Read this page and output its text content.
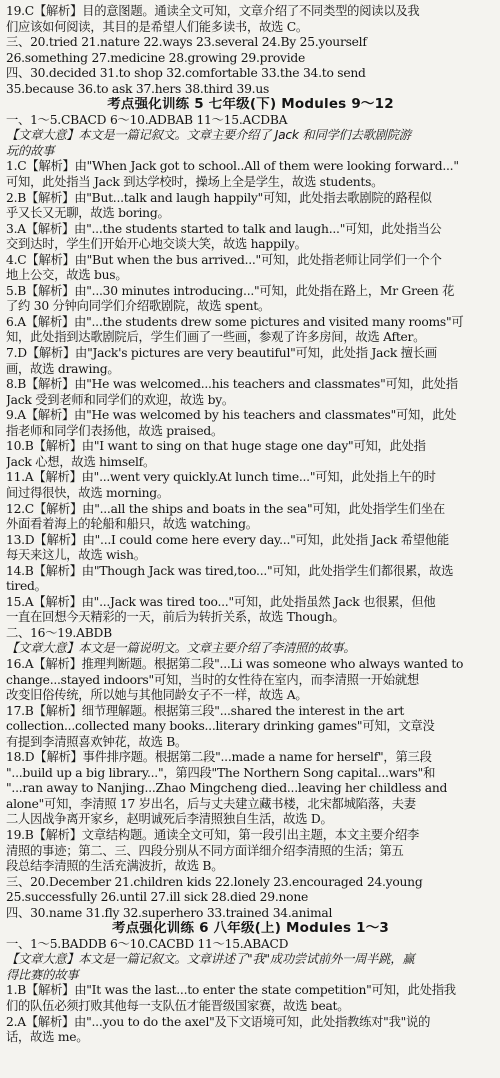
19.C【解析】目的意图题。通读全文可知，文章介绍了不同类型的阅读以及我
们应该如何阅读，其目的是希望人们能多读书，故选 C。
三、20.tried 21.nature 22.ways 23.several 24.By 25.yourself
26.something 27.medicine 28.growing 29.provide
四、30.decided 31.to shop 32.comfortable 33.the 34.to send
35.because 36.to ask 37.hers 38.third 39.us
考点强化训练 5 七年级(下) Modules 9～12
一、1～5.CBACD 6～10.ADBAB 11～15.ACDBA
【文章大意】本文是一篇记叙文。文章主要介绍了 Jack 和同学们去歌剧院游
玩的故事
1.C【解析】由"When Jack got to school..All of them were looking forward..."
可知，此处指当 Jack 到达学校时，操场上全是学生，故选 students。
2.B【解析】由"But...talk and laugh happily"可知，此处指去歌剧院的路程似
乎又长又无聊，故选 boring。
3.A【解析】由"...the students started to talk and laugh..."可知，此处指当公
交到达时，学生们开始开心地交谈大笑，故选 happily。
4.C【解析】由"But when the bus arrived..."可知，此处指老师让同学们一个个
地上公交，故选 bus。
5.B【解析】由"...30 minutes introducing..."可知，此处指在路上，Mr Green 花
了约 30 分钟向同学们介绍歌剧院，故选 spent。
6.A【解析】由"...the students drew some pictures and visited many rooms"可
知，此处指到达歌剧院后，学生们画了一些画，参观了许多房间，故选 After。
7.D【解析】由"Jack's pictures are very beautiful"可知，此处指 Jack 擅长画
画，故选 drawing。
8.B【解析】由"He was welcomed...his teachers and classmates"可知，此处指
Jack 受到老师和同学们的欢迎，故选 by。
9.A【解析】由"He was welcomed by his teachers and classmates"可知，此处
指老师和同学们表扬他，故选 praised。
10.B【解析】由"I want to sing on that huge stage one day"可知，此处指
Jack 心想，故选 himself。
11.A【解析】由"...went very quickly.At lunch time..."可知，此处指上午的时
间过得很快，故选 morning。
12.C【解析】由"...all the ships and boats in the sea"可知，此处指学生们坐在
外面看着海上的轮船和船只，故选 watching。
13.D【解析】由"...I could come here every day..."可知，此处指 Jack 希望他能
每天来这儿，故选 wish。
14.B【解析】由"Though Jack was tired,too..."可知，此处指学生们都很累，故选
tired。
15.A【解析】由"...Jack was tired too..."可知，此处指虽然 Jack 也很累，但他
一直在回想今天精彩的一天，前后为转折关系，故选 Though。
二、16～19.ABDB
【文章大意】本文是一篇说明文。文章主要介绍了李清照的故事。
16.A【解析】推理判断题。根据第二段"...Li was someone who always wanted to
change...stayed indoors"可知，当时的女性待在室内，而李清照一开始就想
改变旧俗传统，所以她与其他同龄女子不一样，故选 A。
17.B【解析】细节理解题。根据第三段"...shared the interest in the art
collection...collected many books...literary drinking games"可知，文章没
有提到李清照喜欢钟花，故选 B。
18.D【解析】事件排序题。根据第二段"...made a name for herself"，第三段
"...build up a big library..."，第四段"The Northern Song capital...wars"和
"...ran away to Nanjing...Zhao Mingcheng died...leaving her childless and
alone"可知，李清照 17 岁出名，后与丈夫建立藏书楼，北宋都城陷落，夫妻
二人因战争离开家乡，赵明诚死后李清照独自生活，故选 D。
19.B【解析】文章结构题。通读全文可知，第一段引出主题，本文主要介绍李
清照的事迹；第二、三、四段分别从不同方面详细介绍李清照的生活；第五
段总结李清照的生活充满波折，故选 B。
三、20.December 21.children kids 22.lonely 23.encouraged 24.young
25.successfully 26.until 27.ill sick 28.died 29.none
四、30.name 31.fly 32.superhero 33.trained 34.animal
考点强化训练 6 八年级(上) Modules 1～3
一、1～5.BADDB 6～10.CACBD 11～15.ABACD
【文章大意】本文是一篇记叙文。文章讲述了"我"成功尝试前外一周半跳，赢
得比赛的故事
1.B【解析】由"It was the last...to enter the state competition"可知，此处指我
们的队伍必须打败其他每一支队伍才能晋级国家赛，故选 beat。
2.A【解析】由"...you to do the axel"及下文语境可知，此处指教练对"我"说的
话，故选 me。
